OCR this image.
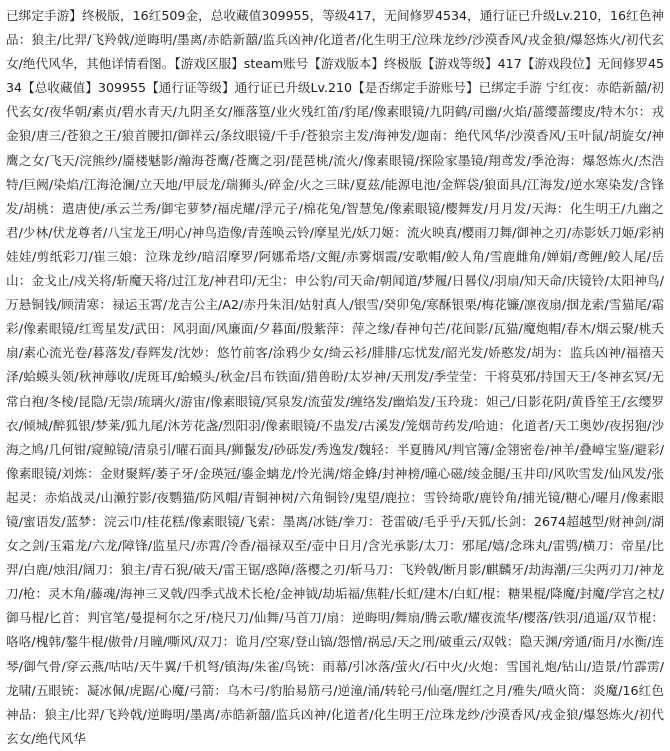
已绑定手游】终极版，16红509金，总收藏值309955，等级417，无间修罗4534，通行证已升级Lv.210，16红色神品：狼主/比羿/飞羚戟/逆晦明/墨离/赤皓新囍/监兵凶神/化道者/化生明王/泣珠龙纱/沙漠香风/戎金狼/爆怒炼火/初代玄女/绝代风华，其他详情看图。【游戏区服】steam账号【游戏版本】终极版【游戏等级】417【游戏段位】无间修罗4534【总收藏值】309955【通行证等级】通行证已升级Lv.210【是否绑定手游账号】已绑定手游 宁红夜：赤皓新囍/初代玄女/夜华朝/素贞/碧水青天/九阴圣女/雁落篁/业火残红笛/豹尾/像素眼镜/九阴鹤/司幽/火焰/蔷缨蔷缨皮/特木尔：戎金狼/唐三/苍狼之王/狼首腰扣/御祥云/条纹眼镜/千手/苍狼宗主发/海神发/迦南：绝代风华/沙漠香风/玉叶鼠/胡旋女/神鹰之女/飞天/浣熊纱/靥楼魅影/瀚海苍鹰/苍鹰之羽/琵琶桃/流火/像素眼镜/探险家墨镜/翔鸢发/季沧海：爆怒炼火/杰浩特/巨阙/染焰/江海沧澜/立天地/甲辰龙/瑞狮头/碎金/火之三昧/夏兹/能源电池/金辉袋/狼面具/江海发/逆水寒染发/含锋发/胡桃：遣唐使/承云兰秀/御宅萝梦/福虎耀/浮元子/棉花兔/智慧兔/像素眼镜/樱舞发/月月发/天海：化生明王/九幽之君/少林/伏龙尊者/八宝龙王/明心/神鸟造像/青莲唤云铃/摩星光/妖刀姬：流火映真/樱雨刀舞/御神之刃/赤影妖刀姬/彩衲娃娃/剪纸彩刀/崔三娘：泣珠龙纱/暗沼摩罗/阿娜希塔/文鲲/赤雾烟霞/安歌帽/鲛人角/雪鹿雌角/婵娟/鸢鲤/鲛人尾/岳山：金戈止/戍关将/斩魔天将/过江龙/神君印/无尘：申公豹/司天命/朝闻道/梦履/日晷仪/羽扇/知天命/庆镜铃/太阳神鸟/万悬铜钱/顾清寒：禄运玉霄/龙吉公主/A2/赤丹朱泪/姑射真人/银雪/癸卯兔/寒酥银栗/梅花镰/凛夜扇/掴龙索/雪猫尾/霜彩/像素眼镜/红鸾星发/武田：风羽面/风廉面/夕暮面/殷紫萍：萍之缘/春神句芒/花间影/瓦猫/魔炮帽/春木/烟云聚/桃夭扇/素心流光卷/暮落发/春辉发/沈妙：悠竹前客/涂鸦少女/绮云衫/腓腓/忘忧发/韶光发/娇憨发/胡为：监兵凶神/福禧天泽/蛤蟆头领/秋神蓐收/虎斑耳/蛤蟆头/秋金/吕布铁面/猎兽盼/太岁神/天刑发/季莹莹：干将莫邪/持国天王/冬神玄冥/无常白袍/冬棱/昆隐/无崇/琉璃火/游宙/像素眼镜/冥泉发/流萤发/缠络发/幽焰发/玉玲珑：妲己/日影花阴/黄昏笙王/玄缨罗衣/倾城/醉狐银/梦莱/狐九尾/沐芳花盏/烈阳羽/像素眼镜/不蛊发/古溪发/笼烟苛药发/哈迪：化道者/天工奥妙/夜拐狍/沙海之鸠/几何钳/窥鲸镜/清泉引/曜石面具/狮鬣发/砂砾发/秀逸发/魏轻：半夏腾风/判官簿/金翎密卷/神羊/叠嶂宝鉴/避彩/像素眼镜/刘炼：金财聚辉/萎子牙/金瑛冠/鎏金螭龙/怜光满/熔金蜂/封神榜/曈心磁/绫金腿/玉井印/风吹雪发/仙风发/张起灵：赤焰战灵/山濑狞影/夜鹦猫/防风帽/青铜神树/六角铜铃/鬼望/鹿拉：雪铃绮歌/鹿铃角/捕光镜/糖心/曜月/像素眼镜/蜜语发/蓝梦：浣云巾/桂花糕/像素眼镜/飞索：墨离/冰链/拳刀：苍雷破/毛乎乎/天狐/长剑：2674超越型/财神剑/湖女之剑/玉霜龙/六龙/障锋/监星尺/赤霄/冷香/福禄双至/壶中日月/含光承影/太刀：邪尾/嬉/念珠丸/雷鸮/横刀：帝星/比羿/白鹿/烛泪/阔刀：狼主/青石猊/破天/雷王锯/惑障/落樱之刃/斩马刀：飞羚戟/断月影/麒麟牙/劫海潮/三尖两刃刀/神龙刀/枪：灵木角/藤魂/海神三叉戟/四季式战术长枪/金神钺/劫垢福/焦鞋/长虹/建木/白虹/棍：糖果棍/降魔/封魔/学宫之杖/御马棍/匕首：判官笔/曼提柯尔之牙/桡尺刀/仙舞/马首刀/扇：逆晦明/舞扇/腾云歌/耀夜流华/樱落/铁羽/逍遥/双节棍：咯咯/槐韩/鏊牛棍/傲骨/月瞳/嘶风/双刀：诡月/空寒/登山镐/怨憎/祸忌/天之刑/破重云/双戟：隐天渊/旁通/衙月/水衡/连琴/御气骨/穿云燕/咕咕/天牛翼/千机弩/镇海/朱雀/鸟铳：雨幕/引冰落/萤火/石中火/火炮：雪国礼炮/钻山/造景/竹霹雳/龙啸/五眼铳：凝冰佩/虎踞/心魔/弓箭：乌木弓/豹胎易筋弓/逆潼/涌/转轮弓/仙毫/腥红之月/雅失/喷火筒：炎魔/16红色神品：狼主/比羿/飞羚戟/逆晦明/墨离/赤皓新囍/监兵凶神/化道者/化生明王/泣珠龙纱/沙漠香风/戎金狼/爆怒炼火/初代玄女/绝代风华
